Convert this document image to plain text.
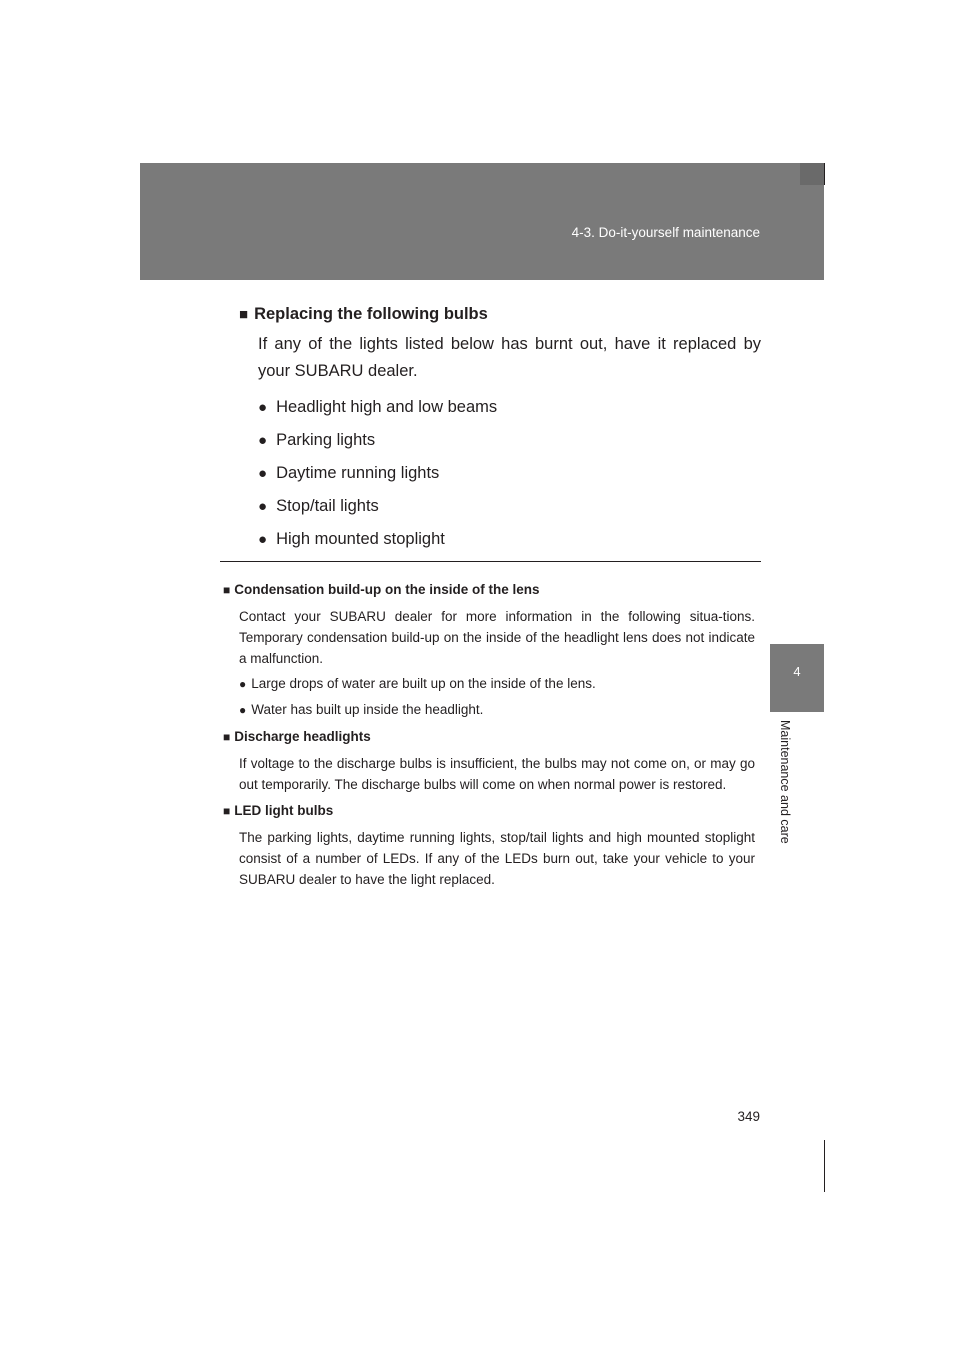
4-3. Do-it-yourself maintenance
4
Maintenance and care

■ Replacing the following bulbs

If any of the lights listed below has burnt out, have it replaced by your SUBARU dealer.

● Headlight high and low beams
● Parking lights
● Daytime running lights
● Stop/tail lights
● High mounted stoplight

■ Condensation build-up on the inside of the lens

Contact your SUBARU dealer for more information in the following situa-tions. Temporary condensation build-up on the inside of the headlight lens does not indicate a malfunction.

● Large drops of water are built up on the inside of the lens.
● Water has built up inside the headlight.

■ Discharge headlights

If voltage to the discharge bulbs is insufficient, the bulbs may not come on, or may go out temporarily. The discharge bulbs will come on when normal power is restored.

■ LED light bulbs

The parking lights, daytime running lights, stop/tail lights and high mounted stoplight consist of a number of LEDs. If any of the LEDs burn out, take your vehicle to your SUBARU dealer to have the light replaced.

349
